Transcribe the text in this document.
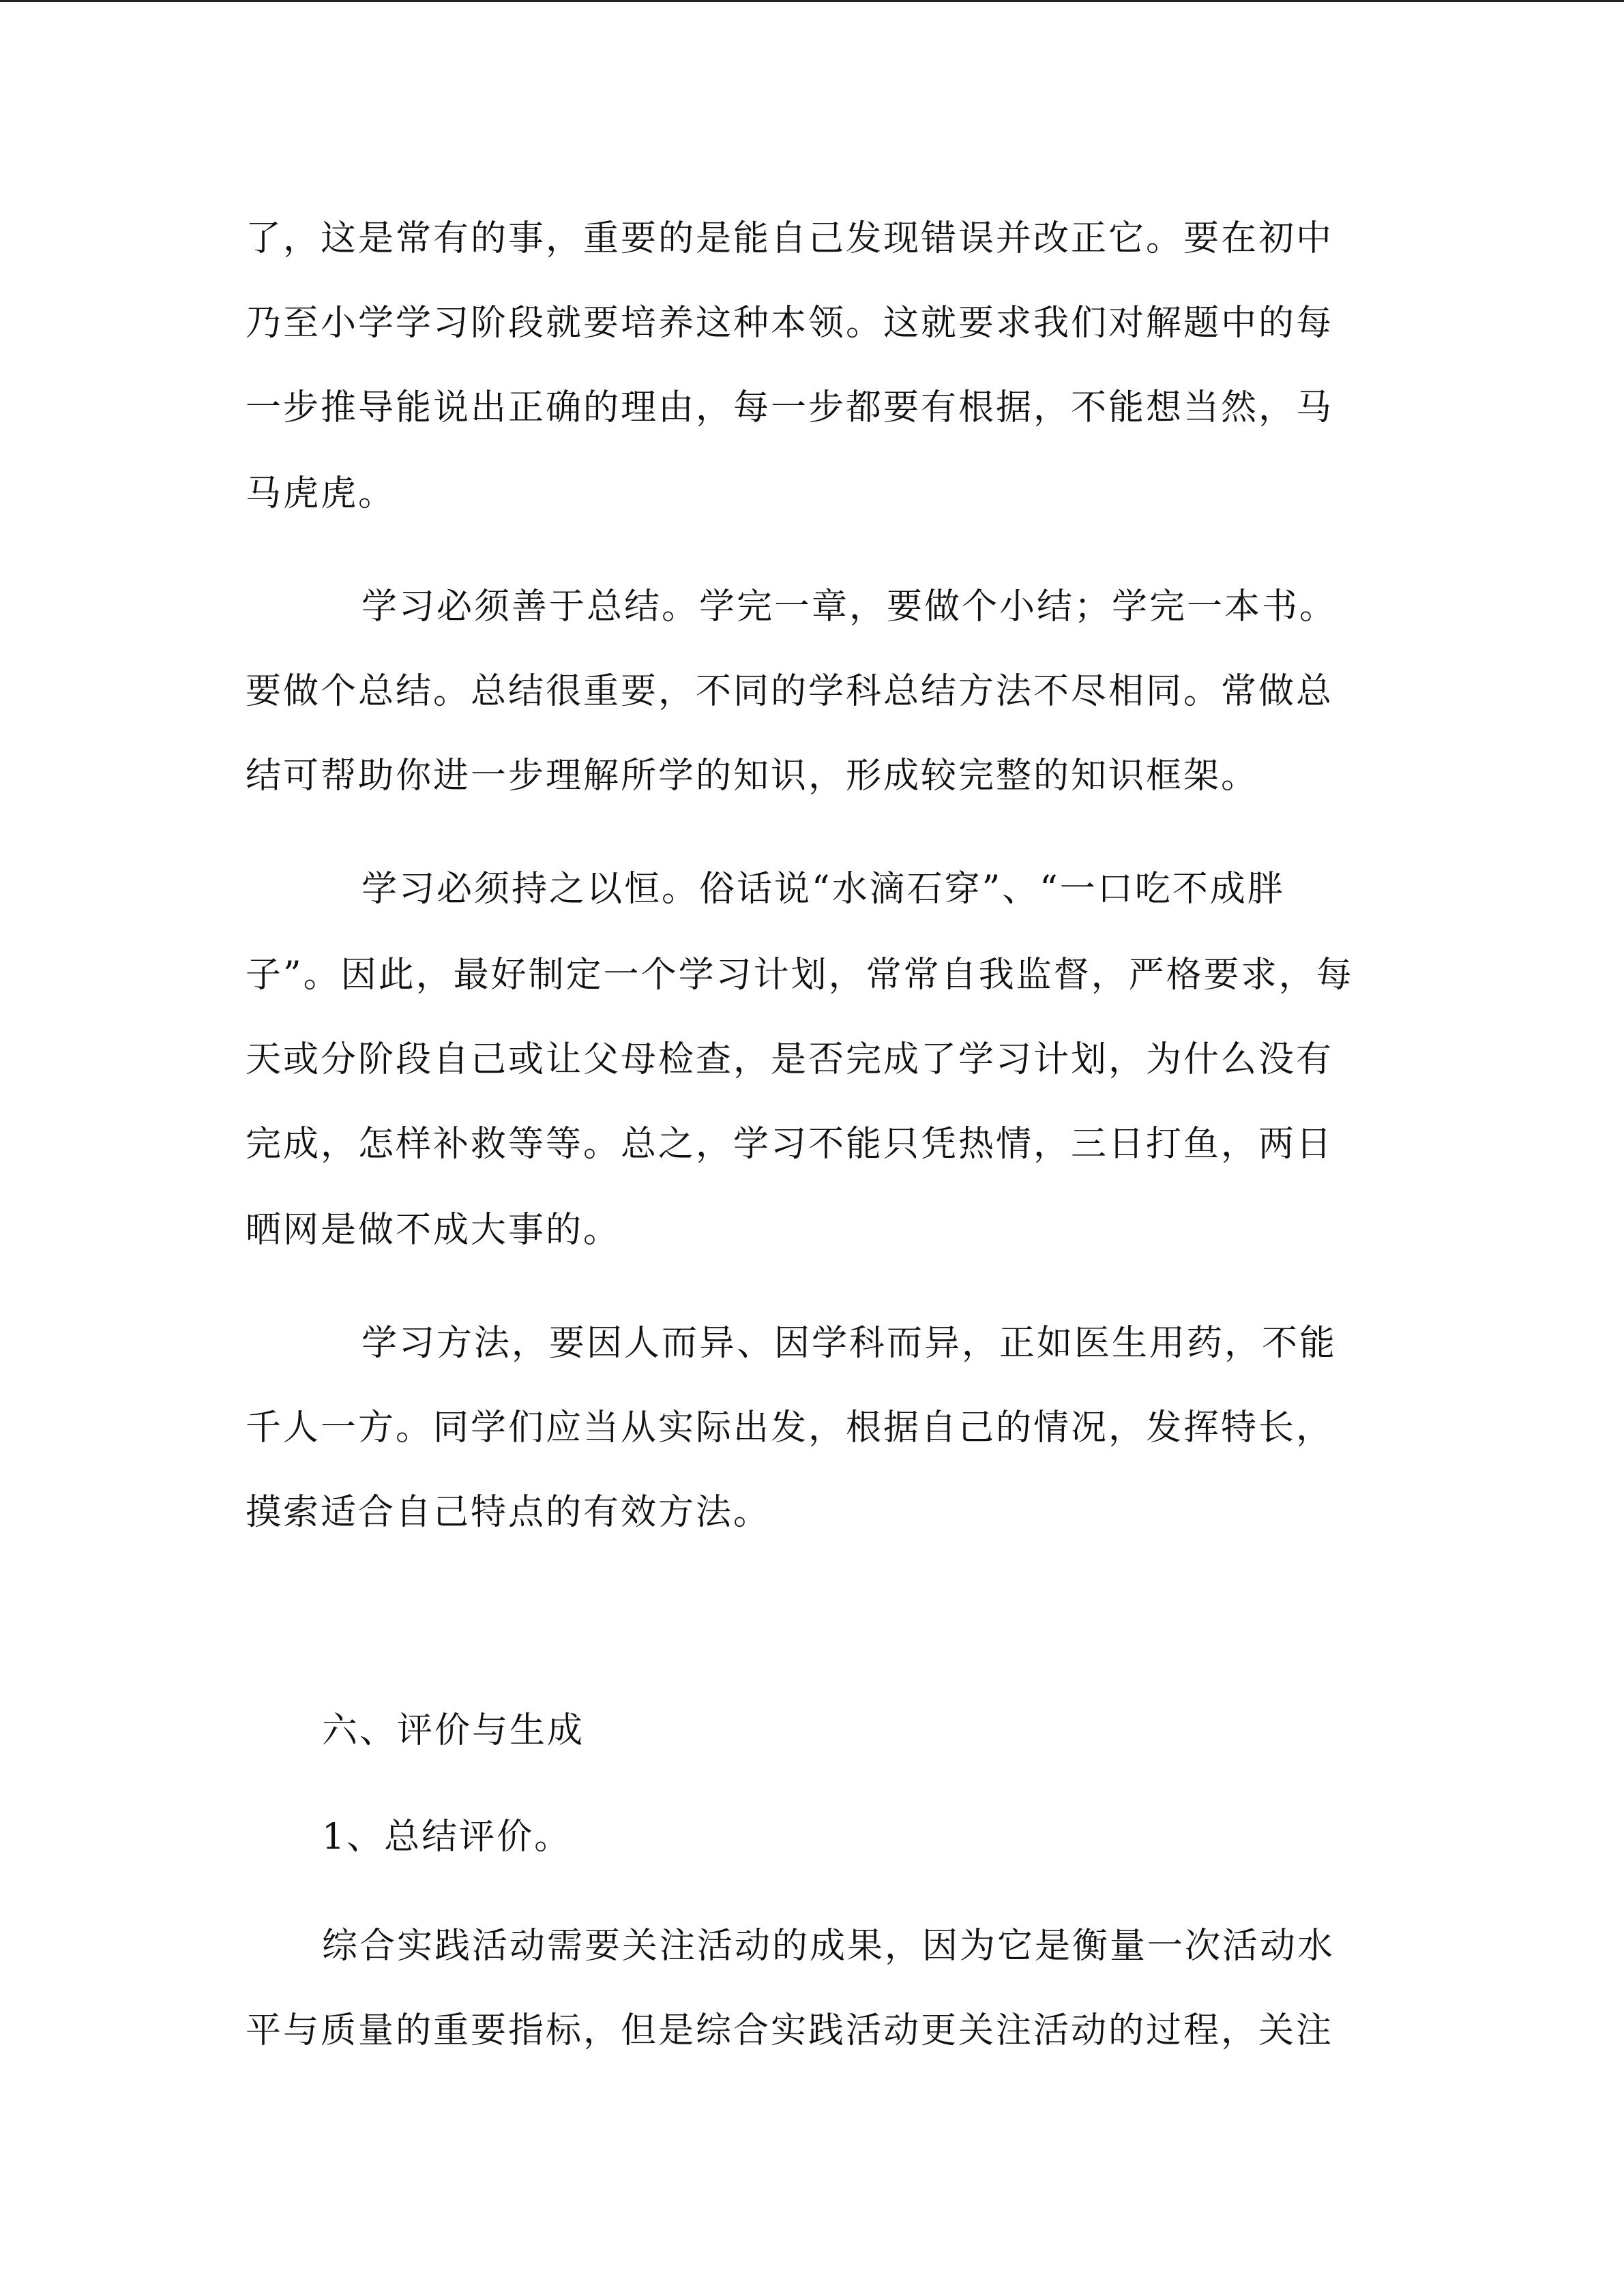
了，这是常有的事，重要的是能自己发现错误并改正它。要在初中

乃至小学学习阶段就要培养这种本领。这就要求我们对解题中的每

一步推导能说出正确的理由，每一步都要有根据，不能想当然，马

马虎虎。

学习必须善于总结。学完一章，要做个小结；学完一本书。

要做个总结。总结很重要，不同的学科总结方法不尽相同。常做总

结可帮助你进一步理解所学的知识，形成较完整的知识框架。

学习必须持之以恒。俗话说“水滴石穿”、“一口吃不成胖

子”。因此，最好制定一个学习计划，常常自我监督，严格要求，每

天或分阶段自己或让父母检查，是否完成了学习计划，为什么没有

完成，怎样补救等等。总之，学习不能只凭热情，三日打鱼，两日

晒网是做不成大事的。

学习方法，要因人而异、因学科而异，正如医生用药，不能

千人一方。同学们应当从实际出发，根据自己的情况，发挥特长，

摸索适合自己特点的有效方法。

六、评价与生成

1、总结评价。

综合实践活动需要关注活动的成果，因为它是衡量一次活动水

平与质量的重要指标，但是综合实践活动更关注活动的过程，关注
